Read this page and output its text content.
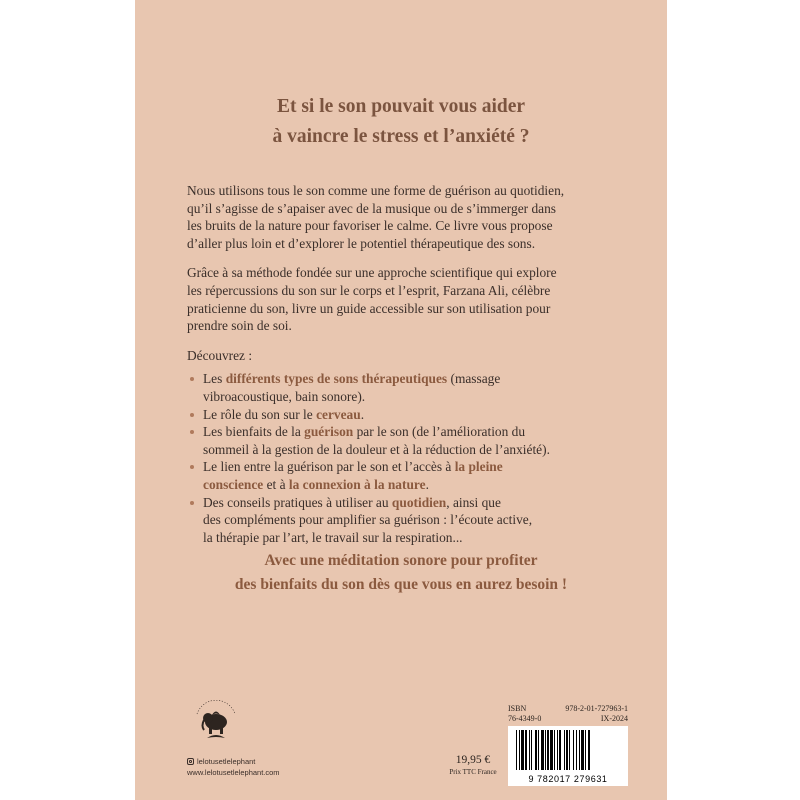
Et si le son pouvait vous aider
à vaincre le stress et l’anxiété ?

Nous utilisons tous le son comme une forme de guérison au quotidien,
qu’il s’agisse de s’apaiser avec de la musique ou de s’immerger dans
les bruits de la nature pour favoriser le calme. Ce livre vous propose
d’aller plus loin et d’explorer le potentiel thérapeutique des sons.

Grâce à sa méthode fondée sur une approche scientifique qui explore
les répercussions du son sur le corps et l’esprit, Farzana Ali, célèbre
praticienne du son, livre un guide accessible sur son utilisation pour
prendre soin de soi.

Découvrez :
Les différents types de sons thérapeutiques (massage
vibroacoustique, bain sonore).
Le rôle du son sur le cerveau.
Les bienfaits de la guérison par le son (de l’amélioration du
sommeil à la gestion de la douleur et à la réduction de l’anxiété).
Le lien entre la guérison par le son et l’accès à la pleine
conscience et à la connexion à la nature.
Des conseils pratiques à utiliser au quotidien, ainsi que
des compléments pour amplifier sa guérison : l’écoute active,
la thérapie par l’art, le travail sur la respiration...
Avec une méditation sonore pour profiter
des bienfaits du son dès que vous en aurez besoin !
lelotusetlelephant
www.lelotusetlelephant.com
19,95 €
Prix TTC France
ISBN	978-2-01-727963-1
76-4349-0	IX-2024
9 782017 279631
